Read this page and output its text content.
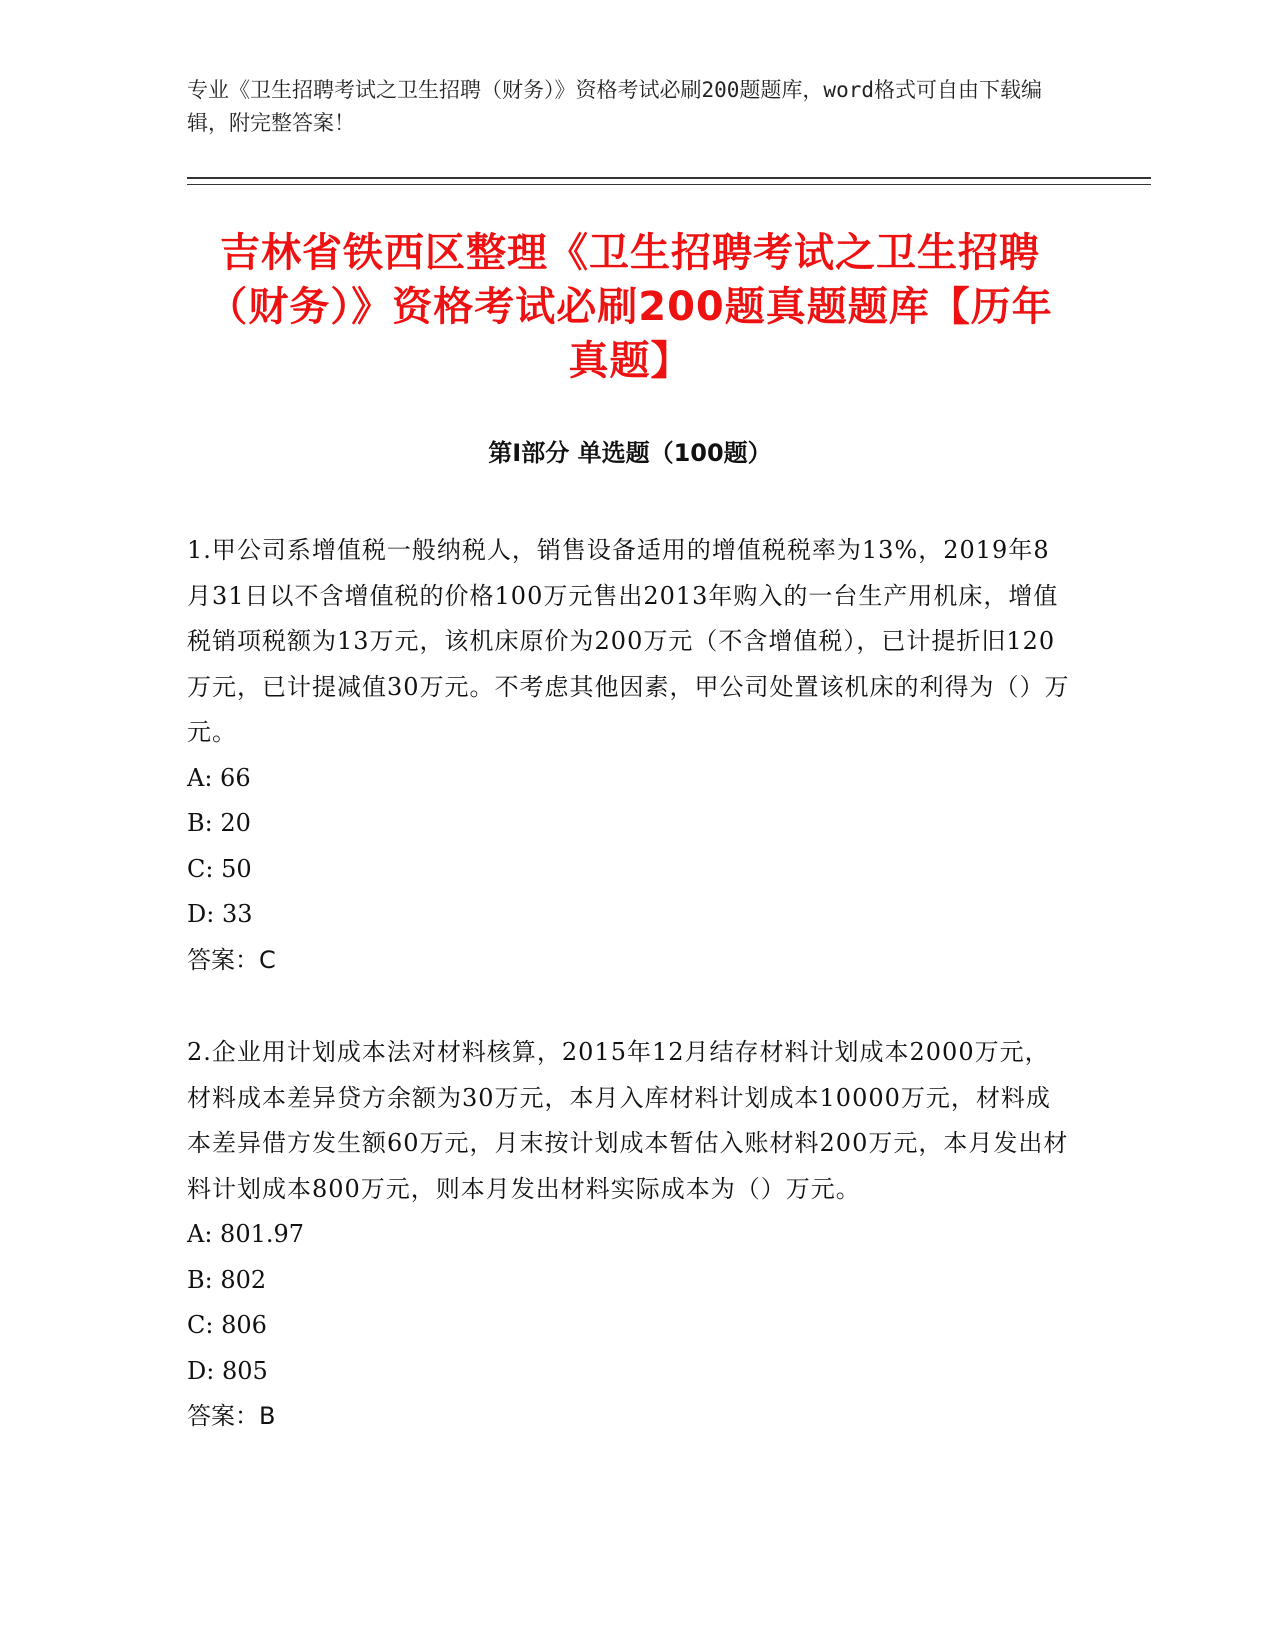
专业《卫生招聘考试之卫生招聘（财务）》资格考试必刷200题题库，word格式可自由下载编辑，附完整答案！

吉林省铁西区整理《卫生招聘考试之卫生招聘（财务）》资格考试必刷200题真题题库【历年真题】
第I部分 单选题（100题）

1.甲公司系增值税一般纳税人，销售设备适用的增值税税率为13%，2019年8月31日以不含增值税的价格100万元售出2013年购入的一台生产用机床，增值税销项税额为13万元，该机床原价为200万元（不含增值税），已计提折旧120万元，已计提减值30万元。不考虑其他因素，甲公司处置该机床的利得为（）万元。

A: 66

B: 20

C: 50

D: 33

答案：C

2.企业用计划成本法对材料核算，2015年12月结存材料计划成本2000万元，材料成本差异贷方余额为30万元，本月入库材料计划成本10000万元，材料成本差异借方发生额60万元，月末按计划成本暂估入账材料200万元，本月发出材料计划成本800万元，则本月发出材料实际成本为（）万元。

A: 801.97

B: 802

C: 806

D: 805

答案：B
